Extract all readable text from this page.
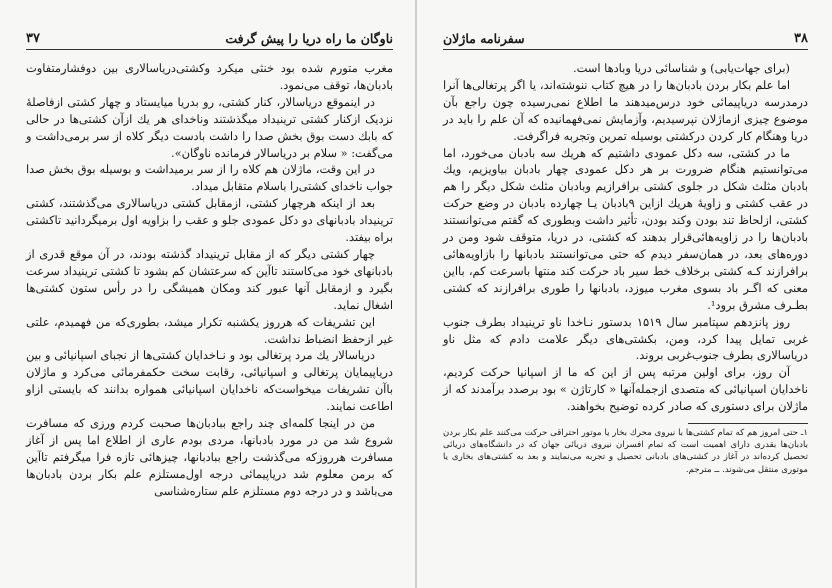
۳۷	ناوگان ما راه دریا را پیش گرفت

مغرب متورم شده بود خنثی میکرد وکشتی‌دریاسالاری بین دوفشارمتفاوت بادبان‌ها، توقف می‌نمود.

در اینموقع دریاسالار، کنار کشتی، رو بدریا میایستاد و چهار کشتی ازفاصلهٔ نزدیک ازکنار کشتی ترینیداد میگذشتند وناخدای هر یك ازآن کشتی‌ها در حالی که بابك دست بوق بخش صدا را داشت بادست دیگر کلاه از سر برمی‌داشت و می‌گفت: « سلام بر دریاسالار فرمانده ناوگان».

در این وقت، ماژلان هم کلاه را از سر برمیداشت و بوسیله بوق بخش صدا جواب ناخدای کشتی‌را باسلام متقابل میداد.

بعد از اینکه هرچهار کشتی، ازمقابل کشتی دریاسالاری می‌گذشتند، کشتی ترینیداد بادبانهای دو دکل عمودی جلو و عقب را بزاویه اول برمیگردانید تاکشتی براه بیفتد.

چهار کشتی دیگر که از مقابل ترینیداد گذشته بودند، در آن موقع قدری از بادبانهای خود می‌کاستند تاآین که سرعتشان کم بشود تا کشتی ترینیداد سرعت بگیرد و ازمقابل آنها عبور کند ومکان همیشگی را در رأس ستون کشتی‌ها اشغال نماید.

این تشریفات که هرروز یکشنبه تکرار میشد، بطوری‌که من فهمیدم، علتی غیر ازحفظ انضباط نداشت.

دریاسالار یك مرد پرتغالی بود و نـاخدایان کشتی‌ها از نجبای اسپانیائی و بین دریاپیمایان پرتغالی و اسپانیائی، رقابت سخت حکمفرمائی می‌کرد و ماژلان باآن تشریفات میخواست‌که ناخدایان اسپانیائی همواره بدانند که بایستی ازاو اطاعت نمایند.

من در اینجا کلمه‌ای چند راجع ببادبان‌ها صحبت کردم ورزی که مسافرت شروع شد من در مورد بادبانها، مردی بودم عاری از اطلاع اما پس از آغاز مسافرت هرروزکه می‌گذشت راجع ببادبانها، چیزهائی تازه فرا میگرفتم تاآین که برمن معلوم شد دریاپیمائی درجه اول‌مستلزم علم بکار بردن بادبان‌ها می‌باشد و در درجه دوم مستلزم علم ستاره‌شناسی

سفرنامه ماژلان	۳۸

(برای جهات‌یابی) و شناسائی دریا وبادها است.

اما علم بکار بردن بادبان‌ها را در هیچ کتاب ننوشته‌اند، یا اگر پرتغالی‌ها آنرا درمدرسه دریاپیمائی خود درس‌میدهند ما اطلاع نمی‌رسیده چون راجع بآن موضوع چیزی ازماژلان نپرسیدیم، وآزمایش نمی‌فهمانیده که آن علم را باید در دریا وهنگام کار کردن درکشتی بوسیله تمرین وتجربه فراگرفت.

ما در کشتی، سه دکل عمودی داشتیم که هریك سه بادبان می‌خورد، اما می‌توانستیم هنگام ضرورت بر هر دکل عمودی چهار بادبان بیاویزیم، ویك بادبان مثلث شکل‌ در جلوی کشتی برافرازیم وبادبان مثلث شکل دیگر را هم در عقب کشتی و زاویهٔ هریك ازاین ۹بادبان یـا چهارده بادبان در وضع حرکت کشتی، ازلحاظ تند بودن وکند بودن، تأثیر داشت وبطوری که گفتم می‌توانستند بادبان‌ها را در زاویه‌هائی‌قرار بدهند که کشتی، در دریا، متوقف شود ومن در دوره‌های بعد، در همان‌سفر دیدم که حتی می‌توانستند بادبانها را بازاویه‌هائی برافرازند کـه کشتی برخلاف خط سیر باد حرکت کند منتها باسرعت کم، بااین معنی که اگـر باد بسوی مغرب میوزد، بادبانها را طوری برافرازند که کشتی بطـرف مشرق برود¹.

روز پانزدهم سپتامبر سال ۱۵۱۹ بدستور نـاخدا ناو ترینیداد بطرف جنوب غربی تمایل پیدا کرد، ومن، بکشتی‌های دیگر علامت دادم که مثل ناو دریاسالاری بطرف جنوب‌غربی بروند.

آن روز، برای اولین مرتبه پس از این که ما از اسپانیا حرکت کردیم، ناخدایان اسپانیائی که متصدی ازجمله‌آنها « کارتاژن » بود برصدد برآمدند که از ماژلان برای دستوری که صادر کرده توضیح بخواهند.

۱ـ حتی امروز هم که تمام کشتی‌ها با نیروی محرك بخار یا موتور احتراقی حرکت می‌کنند علم بکار بردن بادبان‌ها بقدری دارای اهمیت است که تمام افسران نیروی دریائی جهان که در دانشگاه‌های دریائی تحصیل کرده‌اند در آغاز در کشتی‌های بادبانی تحصیل و تجربه می‌نمایند و بعد به کشتی‌های بخاری یا موتوری منتقل می‌شوند. ــ مترجم.
